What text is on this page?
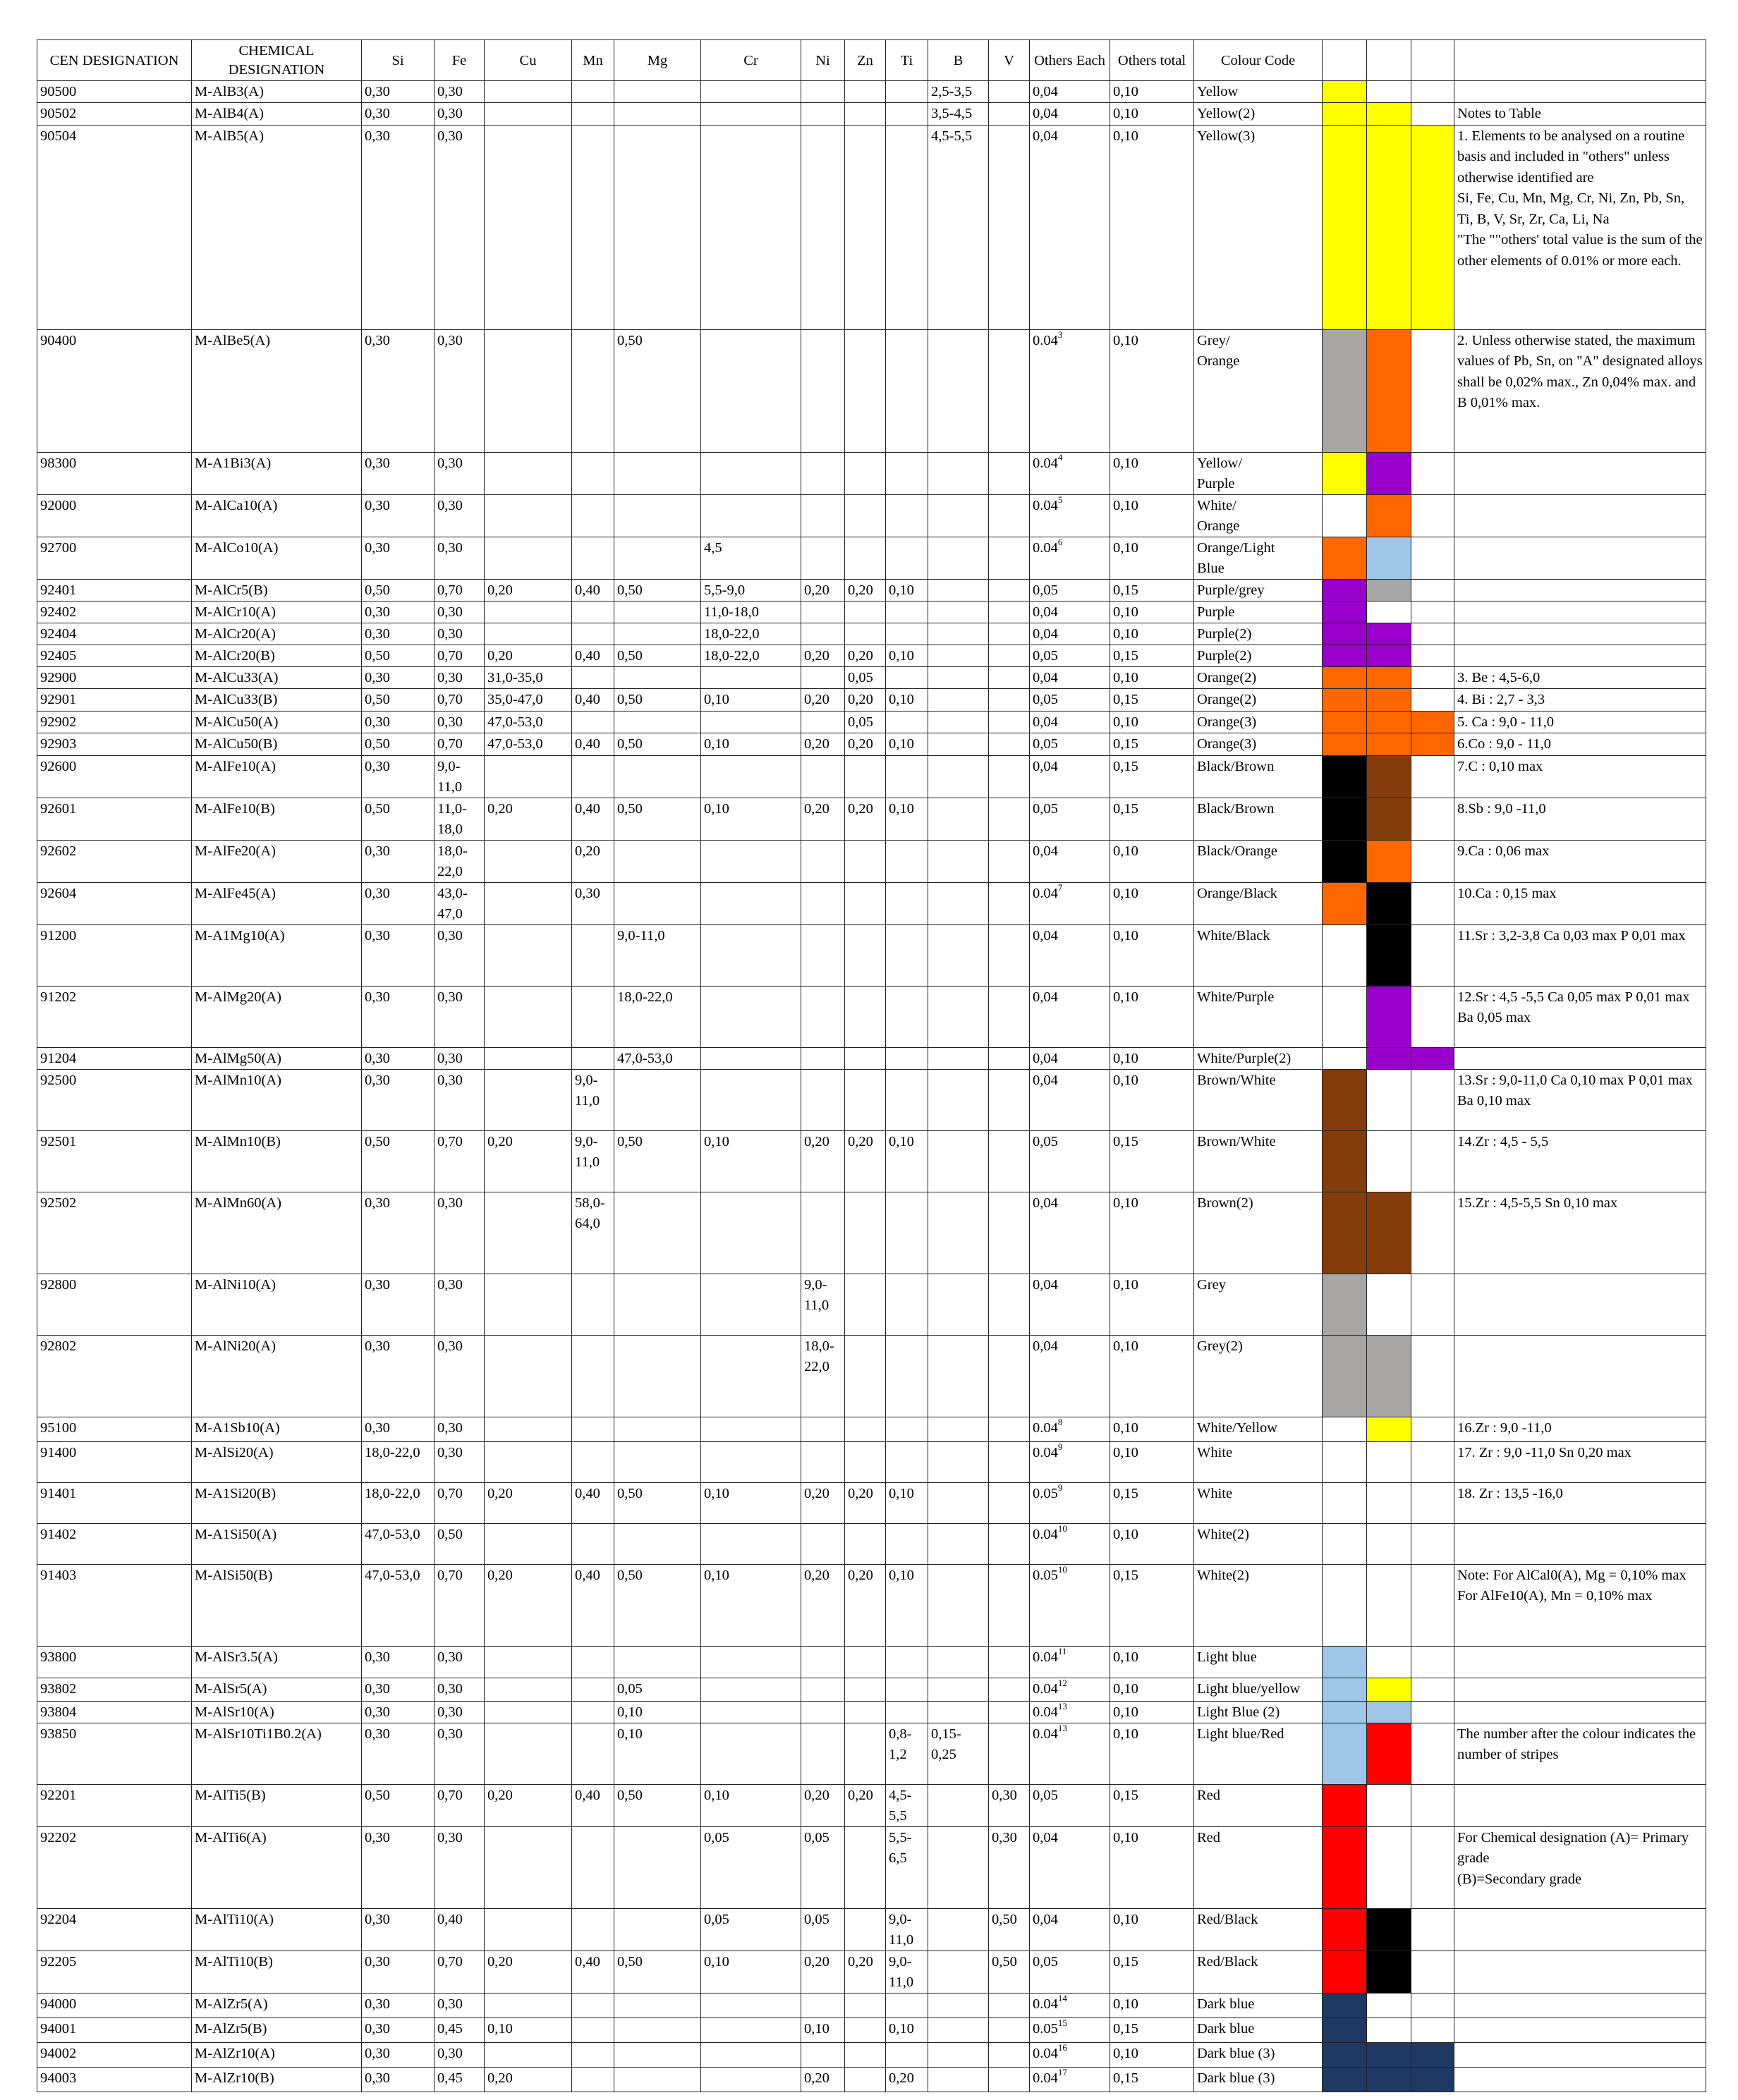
CEN DESIGNATION	CHEMICAL DESIGNATION	Si	Fe	Cu	Mn	Mg	Cr	Ni	Zn	Ti	B	V	Others Each	Others total	Colour Code				
90500	M-AlB3(A)	0,30	0,30								2,5-3,5		0,04	0,10	Yellow				
90502	M-AlB4(A)	0,30	0,30								3,5-4,5		0,04	0,10	Yellow(2)				Notes to Table
90504	M-AlB5(A)	0,30	0,30								4,5-5,5		0,04	0,10	Yellow(3)				1. Elements to be analysed on a routine basis and included in "others" unless otherwise identified are
Si, Fe, Cu, Mn, Mg, Cr, Ni, Zn, Pb, Sn, Ti, B, V, Sr, Zr, Ca, Li, Na
"The ""others' total value is the sum of the other elements of 0.01% or more each.
90400	M-AlBe5(A)	0,30	0,30			0,50							0.04$^3$	0,10	Grey/
Orange				2. Unless otherwise stated, the maximum values of Pb, Sn, on "A" designated alloys
shall be 0,02% max., Zn 0,04% max. and B 0,01% max.
98300	M-A1Bi3(A)	0,30	0,30										0.04$^4$	0,10	Yellow/
Purple				
92000	M-AlCa10(A)	0,30	0,30										0.04$^5$	0,10	White/
Orange				
92700	M-AlCo10(A)	0,30	0,30				4,5						0.04$^6$	0,10	Orange/Light
Blue				
92401	M-AlCr5(B)	0,50	0,70	0,20	0,40	0,50	5,5-9,0	0,20	0,20	0,10			0,05	0,15	Purple/grey				
92402	M-AlCr10(A)	0,30	0,30				11,0-18,0						0,04	0,10	Purple				
92404	M-AlCr20(A)	0,30	0,30				18,0-22,0						0,04	0,10	Purple(2)				
92405	M-AlCr20(B)	0,50	0,70	0,20	0,40	0,50	18,0-22,0	0,20	0,20	0,10			0,05	0,15	Purple(2)				
92900	M-AlCu33(A)	0,30	0,30	31,0-35,0					0,05				0,04	0,10	Orange(2)				3. Be : 4,5-6,0
92901	M-AlCu33(B)	0,50	0,70	35,0-47,0	0,40	0,50	0,10	0,20	0,20	0,10			0,05	0,15	Orange(2)				4. Bi : 2,7 - 3,3
92902	M-AlCu50(A)	0,30	0,30	47,0-53,0					0,05				0,04	0,10	Orange(3)				5. Ca : 9,0 - 11,0
92903	M-AlCu50(B)	0,50	0,70	47,0-53,0	0,40	0,50	0,10	0,20	0,20	0,10			0,05	0,15	Orange(3)				6.Co : 9,0 - 11,0
92600	M-AlFe10(A)	0,30	9,0-
11,0										0,04	0,15	Black/Brown				7.C : 0,10 max
92601	M-AlFe10(B)	0,50	11,0-
18,0	0,20	0,40	0,50	0,10	0,20	0,20	0,10			0,05	0,15	Black/Brown				8.Sb : 9,0 -11,0
92602	M-AlFe20(A)	0,30	18,0-
22,0		0,20								0,04	0,10	Black/Orange				9.Ca : 0,06 max
92604	M-AlFe45(A)	0,30	43,0-
47,0		0,30								0.04$^7$	0,10	Orange/Black				10.Ca : 0,15 max
91200	M-A1Mg10(A)	0,30	0,30			9,0-11,0							0,04	0,10	White/Black				11.Sr : 3,2-3,8 Ca 0,03 max P 0,01 max
91202	M-AlMg20(A)	0,30	0,30			18,0-22,0							0,04	0,10	White/Purple				12.Sr : 4,5 -5,5 Ca 0,05 max P 0,01 max Ba 0,05 max
91204	M-AlMg50(A)	0,30	0,30			47,0-53,0							0,04	0,10	White/Purple(2)				
92500	M-AlMn10(A)	0,30	0,30		9,0-
11,0								0,04	0,10	Brown/White				13.Sr : 9,0-11,0 Ca 0,10 max P 0,01 max Ba 0,10 max
92501	M-AlMn10(B)	0,50	0,70	0,20	9,0-
11,0	0,50	0,10	0,20	0,20	0,10			0,05	0,15	Brown/White				14.Zr : 4,5 - 5,5
92502	M-AlMn60(A)	0,30	0,30		58,0-
64,0								0,04	0,10	Brown(2)				15.Zr : 4,5-5,5 Sn 0,10 max
92800	M-AlNi10(A)	0,30	0,30					9,0-
11,0					0,04	0,10	Grey				
92802	M-AlNi20(A)	0,30	0,30					18,0-
22,0					0,04	0,10	Grey(2)				
95100	M-A1Sb10(A)	0,30	0,30										0.04$^8$	0,10	White/Yellow				16.Zr : 9,0 -11,0
91400	M-AlSi20(A)	18,0-22,0	0,30										0.04$^9$	0,10	White				17. Zr : 9,0 -11,0 Sn 0,20 max
91401	M-A1Si20(B)	18,0-22,0	0,70	0,20	0,40	0,50	0,10	0,20	0,20	0,10			0.05$^9$	0,15	White				18. Zr : 13,5 -16,0
91402	M-A1Si50(A)	47,0-53,0	0,50										0.04$^{10}$	0,10	White(2)				
91403	M-AlSi50(B)	47,0-53,0	0,70	0,20	0,40	0,50	0,10	0,20	0,20	0,10			0.05$^{10}$	0,15	White(2)				Note: For AlCal0(A), Mg = 0,10% max
For AlFe10(A), Mn = 0,10% max
93800	M-AlSr3.5(A)	0,30	0,30										0.04$^{11}$	0,10	Light blue				
93802	M-AlSr5(A)	0,30	0,30			0,05							0.04$^{12}$	0,10	Light blue/yellow				
93804	M-AlSr10(A)	0,30	0,30			0,10							0.04$^{13}$	0,10	Light Blue (2)				
93850	M-AlSr10Ti1B0.2(A)	0,30	0,30			0,10				0,8-
1,2	0,15-
0,25		0.04$^{13}$	0,10	Light blue/Red				The number after the colour indicates the number of stripes
92201	M-AlTi5(B)	0,50	0,70	0,20	0,40	0,50	0,10	0,20	0,20	4,5-
5,5		0,30	0,05	0,15	Red				
92202	M-AlTi6(A)	0,30	0,30				0,05	0,05		5,5-
6,5		0,30	0,04	0,10	Red				For Chemical designation (A)= Primary grade
(B)=Secondary grade
92204	M-AlTi10(A)	0,30	0,40				0,05	0,05		9,0-
11,0		0,50	0,04	0,10	Red/Black				
92205	M-AlTi10(B)	0,30	0,70	0,20	0,40	0,50	0,10	0,20	0,20	9,0-
11,0		0,50	0,05	0,15	Red/Black				
94000	M-AlZr5(A)	0,30	0,30										0.04$^{14}$	0,10	Dark blue				
94001	M-AlZr5(B)	0,30	0,45	0,10				0,10		0,10			0.05$^{15}$	0,15	Dark blue				
94002	M-AlZr10(A)	0,30	0,30										0.04$^{16}$	0,10	Dark blue (3)				
94003	M-AlZr10(B)	0,30	0,45	0,20				0,20		0,20			0.04$^{17}$	0,15	Dark blue (3)				
